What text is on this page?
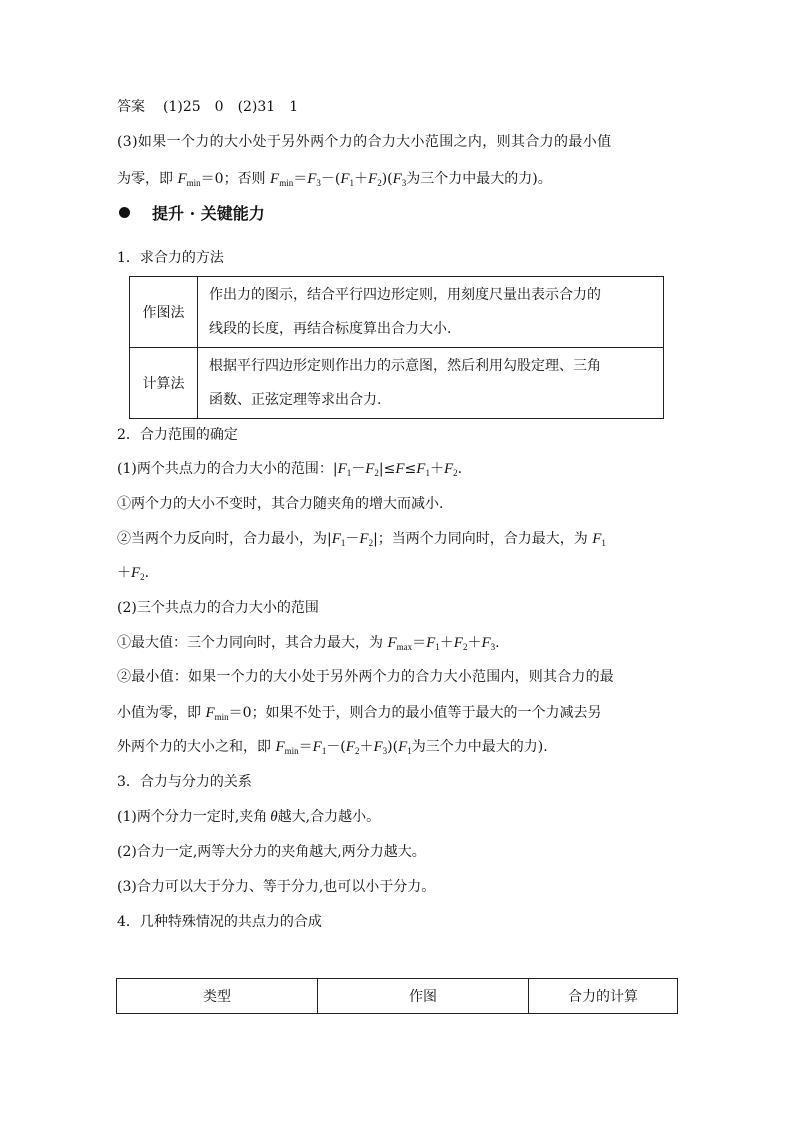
答案 (1)25　0 (2)31　1
(3)如果一个力的大小处于另外两个力的合力大小范围之内，则其合力的最小值
为零，即 $F_{min}=0$；否则 $F_{min}=F_3-(F_1+F_2)(F_3$为三个力中最大的力)。
提升 · 关键能力
1．求合力的方法
作图法	作出力的图示，结合平行四边形定则，用刻度尺量出表示合力的
线段的长度，再结合标度算出合力大小.

计算法	根据平行四边形定则作出力的示意图，然后利用勾股定理、三角
函数、正弦定理等求出合力.
2．合力范围的确定
(1)两个共点力的合力大小的范围：$|F_1-F_2|\le F\le F_1+F_2$.
①两个力的大小不变时，其合力随夹角的增大而减小.
②当两个力反向时，合力最小，为$|F_1-F_2|$；当两个力同向时，合力最大，为 $F_1$
$+F_2$.
(2)三个共点力的合力大小的范围
①最大值：三个力同向时，其合力最大，为 $F_{max}=F_1+F_2+F_3$.
②最小值：如果一个力的大小处于另外两个力的合力大小范围内，则其合力的最
小值为零，即 $F_{min}=0$；如果不处于，则合力的最小值等于最大的一个力减去另
外两个力的大小之和，即 $F_{min}=F_1-(F_2+F_3)(F_1$为三个力中最大的力).
3．合力与分力的关系
(1)两个分力一定时,夹角 θ越大,合力越小。
(2)合力一定,两等大分力的夹角越大,两分力越大。
(3)合力可以大于分力、等于分力,也可以小于分力。
4．几种特殊情况的共点力的合成
类型	作图	合力的计算
